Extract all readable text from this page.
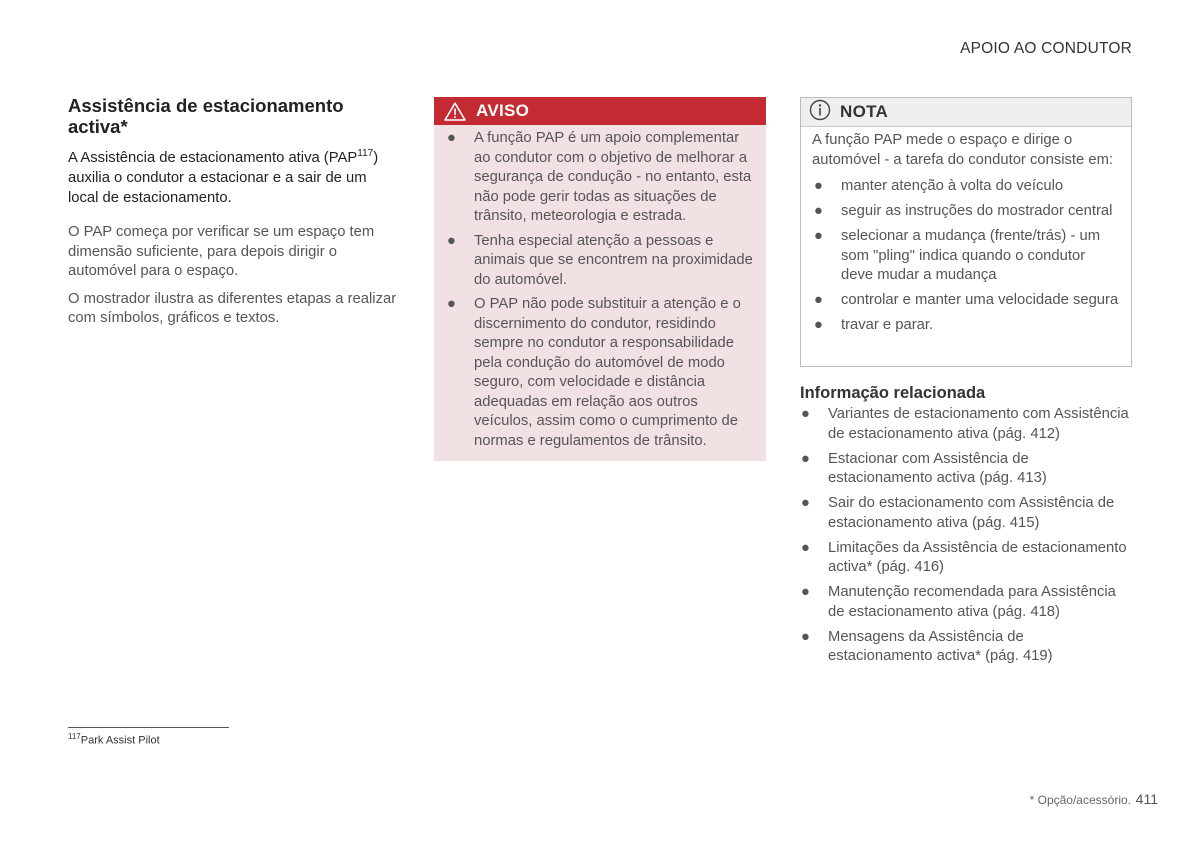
APOIO AO CONDUTOR
Assistência de estacionamento activa*

A Assistência de estacionamento ativa (PAP$^{117}$) auxilia o condutor a estacionar e a sair de um local de estacionamento.

O PAP começa por verificar se um espaço tem dimensão suficiente, para depois dirigir o automóvel para o espaço.

O mostrador ilustra as diferentes etapas a realizar com símbolos, gráficos e textos.

AVISO
● A função PAP é um apoio complementar ao condutor com o objetivo de melhorar a segurança de condução - no entanto, esta não pode gerir todas as situações de trânsito, meteorologia e estrada.
● Tenha especial atenção a pessoas e animais que se encontrem na proximidade do automóvel.
● O PAP não pode substituir a atenção e o discernimento do condutor, residindo sempre no condutor a responsabilidade pela condução do automóvel de modo seguro, com velocidade e distância adequadas em relação aos outros veículos, assim como o cumprimento de normas e regulamentos de trânsito.
NOTA

A função PAP mede o espaço e dirige o automóvel - a tarefa do condutor consiste em:

● manter atenção à volta do veículo
● seguir as instruções do mostrador central
● selecionar a mudança (frente/trás) - um som "pling" indica quando o condutor deve mudar a mudança
● controlar e manter uma velocidade segura
● travar e parar.
Informação relacionada
● Variantes de estacionamento com Assistência de estacionamento ativa (pág. 412)
● Estacionar com Assistência de estacionamento activa (pág. 413)
● Sair do estacionamento com Assistência de estacionamento ativa (pág. 415)
● Limitações da Assistência de estacionamento activa* (pág. 416)
● Manutenção recomendada para Assistência de estacionamento ativa (pág. 418)
● Mensagens da Assistência de estacionamento activa* (pág. 419)
$^{117}$Park Assist Pilot
* Opção/acessório. 411
